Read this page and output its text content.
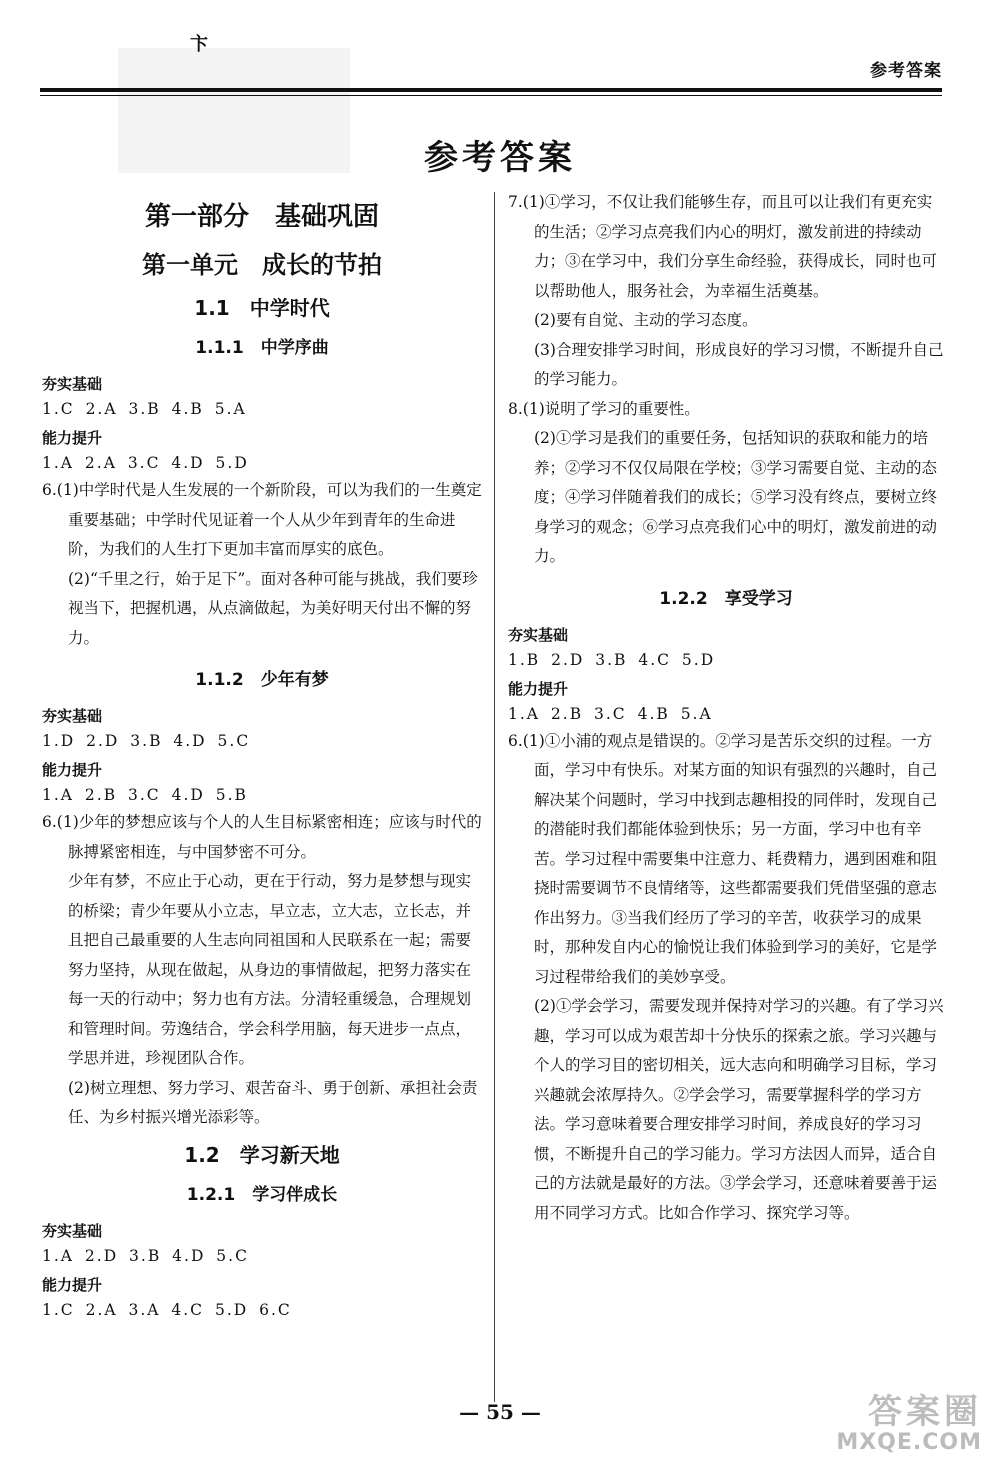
卞
参考答案
参考答案
第一部分　基础巩固
第一单元　成长的节拍
1.1　中学时代
1.1.1　中学序曲
夯实基础
1.C 2.A 3.B 4.B 5.A
能力提升
1.A 2.A 3.C 4.D 5.D
6.(1)中学时代是人生发展的一个新阶段，可以为我们的一生奠定重要基础；中学时代见证着一个人从少年到青年的生命进阶，为我们的人生打下更加丰富而厚实的底色。
(2)“千里之行，始于足下”。面对各种可能与挑战，我们要珍视当下，把握机遇，从点滴做起，为美好明天付出不懈的努力。
1.1.2　少年有梦
夯实基础
1.D 2.D 3.B 4.D 5.C
能力提升
1.A 2.B 3.C 4.D 5.B
6.(1)少年的梦想应该与个人的人生目标紧密相连；应该与时代的脉搏紧密相连，与中国梦密不可分。
少年有梦，不应止于心动，更在于行动，努力是梦想与现实的桥梁；青少年要从小立志，早立志，立大志，立长志，并且把自己最重要的人生志向同祖国和人民联系在一起；需要努力坚持，从现在做起，从身边的事情做起，把努力落实在每一天的行动中；努力也有方法。分清轻重缓急，合理规划和管理时间。劳逸结合，学会科学用脑，每天进步一点点，学思并进，珍视团队合作。
(2)树立理想、努力学习、艰苦奋斗、勇于创新、承担社会责任、为乡村振兴增光添彩等。
1.2　学习新天地
1.2.1　学习伴成长
夯实基础
1.A 2.D 3.B 4.D 5.C
能力提升
1.C 2.A 3.A 4.C 5.D 6.C
7.(1)①学习，不仅让我们能够生存，而且可以让我们有更充实的生活；②学习点亮我们内心的明灯，激发前进的持续动力；③在学习中，我们分享生命经验，获得成长，同时也可以帮助他人，服务社会，为幸福生活奠基。
(2)要有自觉、主动的学习态度。
(3)合理安排学习时间，形成良好的学习习惯，不断提升自己的学习能力。
8.(1)说明了学习的重要性。
(2)①学习是我们的重要任务，包括知识的获取和能力的培养；②学习不仅仅局限在学校；③学习需要自觉、主动的态度；④学习伴随着我们的成长；⑤学习没有终点，要树立终身学习的观念；⑥学习点亮我们心中的明灯，激发前进的动力。
1.2.2　享受学习
夯实基础
1.B 2.D 3.B 4.C 5.D
能力提升
1.A 2.B 3.C 4.B 5.A
6.(1)①小浦的观点是错误的。②学习是苦乐交织的过程。一方面，学习中有快乐。对某方面的知识有强烈的兴趣时，自己解决某个问题时，学习中找到志趣相投的同伴时，发现自己的潜能时我们都能体验到快乐；另一方面，学习中也有辛苦。学习过程中需要集中注意力、耗费精力，遇到困难和阻挠时需要调节不良情绪等，这些都需要我们凭借坚强的意志作出努力。③当我们经历了学习的辛苦，收获学习的成果时，那种发自内心的愉悦让我们体验到学习的美好，它是学习过程带给我们的美妙享受。
(2)①学会学习，需要发现并保持对学习的兴趣。有了学习兴趣，学习可以成为艰苦却十分快乐的探索之旅。学习兴趣与个人的学习目的密切相关，远大志向和明确学习目标，学习兴趣就会浓厚持久。②学会学习，需要掌握科学的学习方法。学习意味着要合理安排学习时间，养成良好的学习习惯，不断提升自己的学习能力。学习方法因人而异，适合自己的方法就是最好的方法。③学会学习，还意味着要善于运用不同学习方式。比如合作学习、探究学习等。
— 55 —	答案圈
MXQE.COM
